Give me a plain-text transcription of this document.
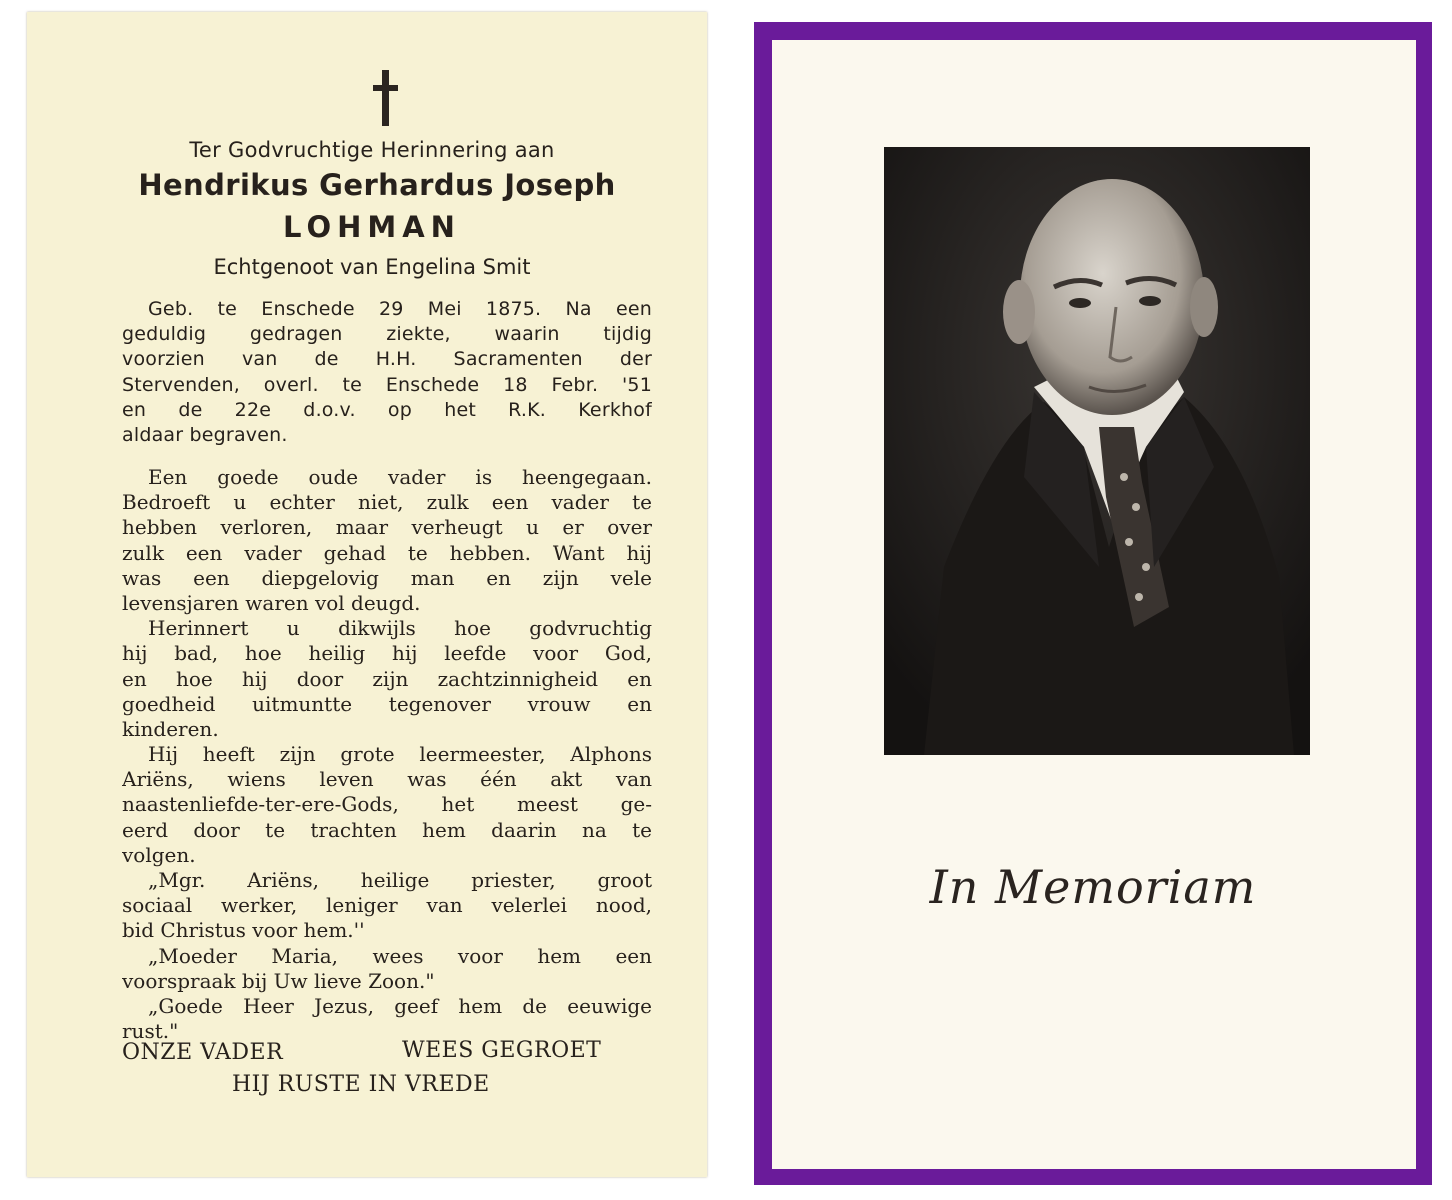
Ter Godvruchtige Herinnering aan
Hendrikus Gerhardus Joseph
LOHMAN
Echtgenoot van Engelina Smit
Geb. te Enschede 29 Mei 1875. Na een
geduldig gedragen ziekte, waarin tijdig
voorzien van de H.H. Sacramenten der
Stervenden, overl. te Enschede 18 Febr. '51
en de 22e d.o.v. op het R.K. Kerkhof
aldaar begraven.
Een goede oude vader is heengegaan.
Bedroeft u echter niet, zulk een vader te
hebben verloren, maar verheugt u er over
zulk een vader gehad te hebben. Want hij
was een diepgelovig man en zijn vele
levensjaren waren vol deugd.
Herinnert u dikwijls hoe godvruchtig
hij bad, hoe heilig hij leefde voor God,
en hoe hij door zijn zachtzinnigheid en
goedheid uitmuntte tegenover vrouw en
kinderen.
Hij heeft zijn grote leermeester, Alphons
Ariëns, wiens leven was één akt van
naastenliefde-ter-ere-Gods, het meest ge-
eerd door te trachten hem daarin na te
volgen.
„Mgr. Ariëns, heilige priester, groot
sociaal werker, leniger van velerlei nood,
bid Christus voor hem.''
„Moeder Maria, wees voor hem een
voorspraak bij Uw lieve Zoon."
„Goede Heer Jezus, geef hem de eeuwige
rust."
ONZE VADER	WEES GEGROET
HIJ RUSTE IN VREDE
In Memoriam
